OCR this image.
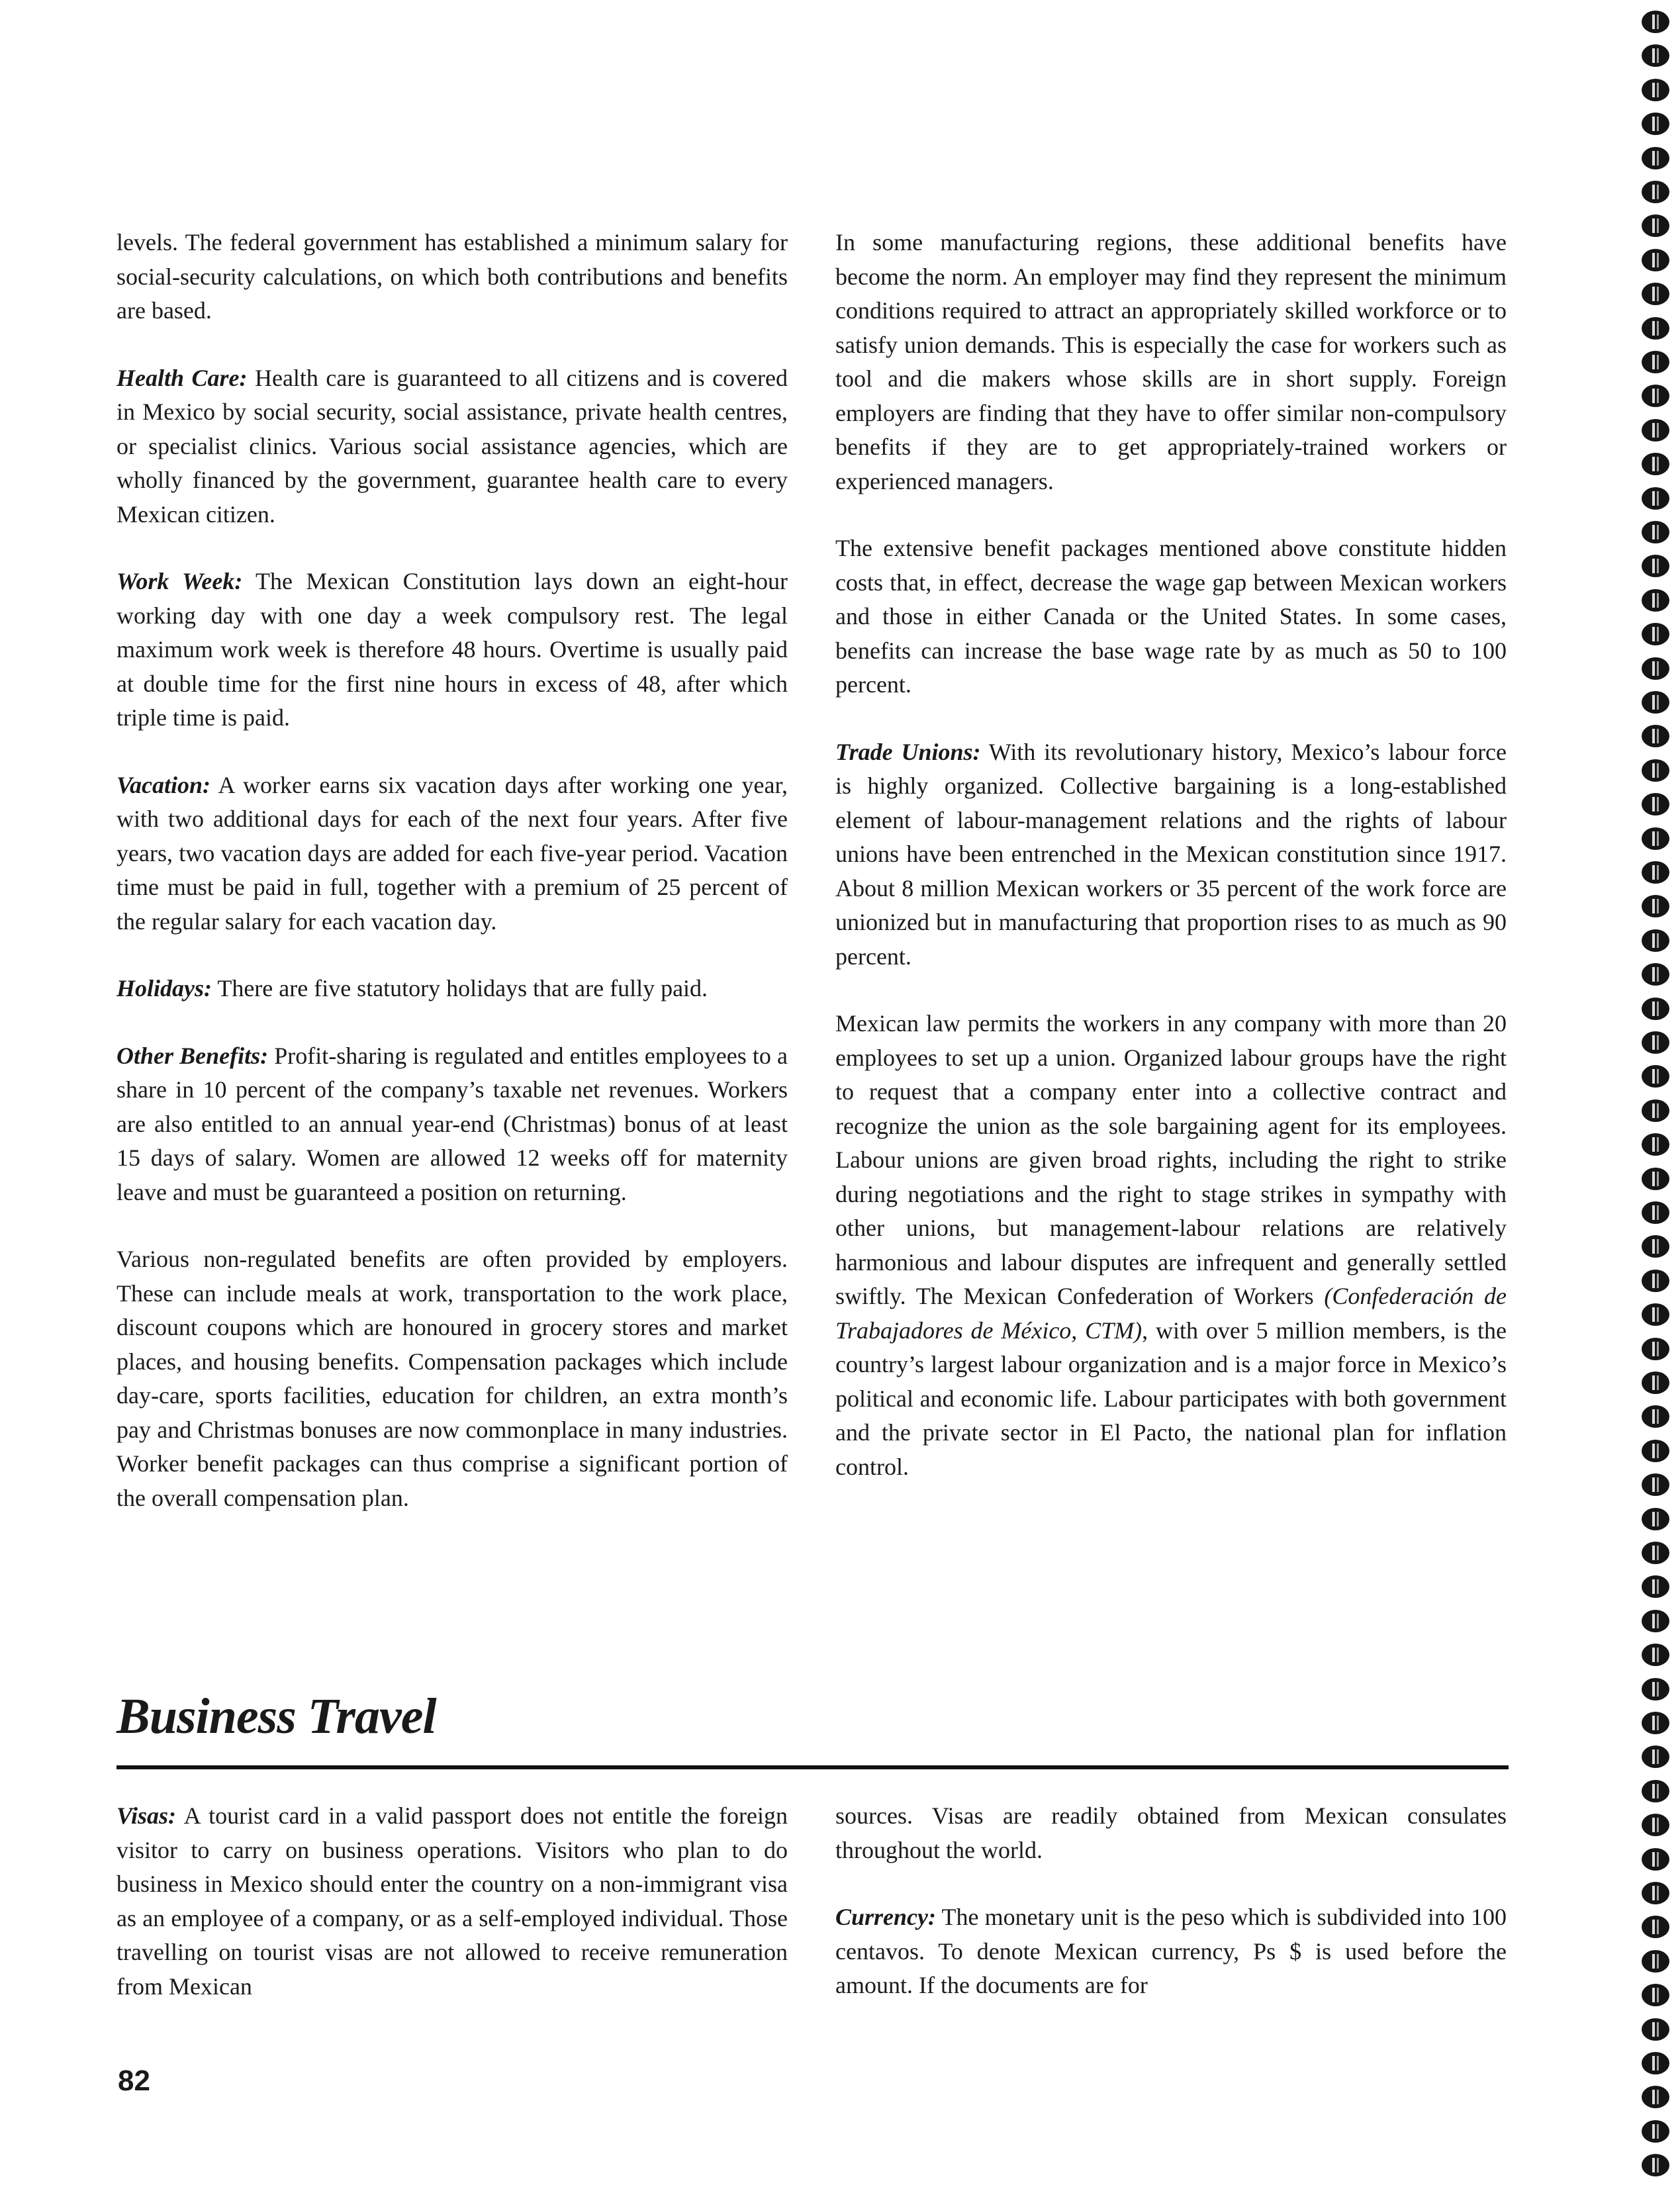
levels. The federal government has established a minimum salary for social-security calculations, on which both contributions and benefits are based.

Health Care: Health care is guaranteed to all citizens and is covered in Mexico by social security, social assistance, private health centres, or specialist clinics. Various social assistance agencies, which are wholly financed by the government, guarantee health care to every Mexican citizen.

Work Week: The Mexican Constitution lays down an eight-hour working day with one day a week compulsory rest. The legal maximum work week is therefore 48 hours. Overtime is usually paid at double time for the first nine hours in excess of 48, after which triple time is paid.

Vacation: A worker earns six vacation days after working one year, with two additional days for each of the next four years. After five years, two vacation days are added for each five-year period. Vacation time must be paid in full, together with a premium of 25 percent of the regular salary for each vacation day.

Holidays: There are five statutory holidays that are fully paid.

Other Benefits: Profit-sharing is regulated and entitles employees to a share in 10 percent of the company’s taxable net revenues. Workers are also entitled to an annual year-end (Christmas) bonus of at least 15 days of salary. Women are allowed 12 weeks off for maternity leave and must be guaranteed a position on returning.

Various non-regulated benefits are often provided by employers. These can include meals at work, transportation to the work place, discount coupons which are honoured in grocery stores and market places, and housing benefits. Compensation packages which include day-care, sports facilities, education for children, an extra month’s pay and Christmas bonuses are now commonplace in many industries. Worker benefit packages can thus comprise a significant portion of the overall compensation plan.

In some manufacturing regions, these additional benefits have become the norm. An employer may find they represent the minimum conditions required to attract an appropriately skilled workforce or to satisfy union demands. This is especially the case for workers such as tool and die makers whose skills are in short supply. Foreign employers are finding that they have to offer similar non-compulsory benefits if they are to get appropriately-trained workers or experienced managers.

The extensive benefit packages mentioned above constitute hidden costs that, in effect, decrease the wage gap between Mexican workers and those in either Canada or the United States. In some cases, benefits can increase the base wage rate by as much as 50 to 100 percent.

Trade Unions: With its revolutionary history, Mexico’s labour force is highly organized. Collective bargaining is a long-established element of labour-management relations and the rights of labour unions have been entrenched in the Mexican constitution since 1917. About 8 million Mexican workers or 35 percent of the work force are unionized but in manufacturing that proportion rises to as much as 90 percent.

Mexican law permits the workers in any company with more than 20 employees to set up a union. Organized labour groups have the right to request that a company enter into a collective contract and recognize the union as the sole bargaining agent for its employees. Labour unions are given broad rights, including the right to strike during negotiations and the right to stage strikes in sympathy with other unions, but management-labour relations are relatively harmonious and labour disputes are infrequent and generally settled swiftly. The Mexican Confederation of Workers (Confederación de Trabajadores de México, CTM), with over 5 million members, is the country’s largest labour organization and is a major force in Mexico’s political and economic life. Labour participates with both government and the private sector in El Pacto, the national plan for inflation control.

Business Travel

Visas: A tourist card in a valid passport does not entitle the foreign visitor to carry on business operations. Visitors who plan to do business in Mexico should enter the country on a non-immigrant visa as an employee of a company, or as a self-employed individual. Those travelling on tourist visas are not allowed to receive remuneration from Mexican

sources. Visas are readily obtained from Mexican consulates throughout the world.

Currency: The monetary unit is the peso which is subdivided into 100 centavos. To denote Mexican currency, Ps $ is used before the amount. If the documents are for

82
